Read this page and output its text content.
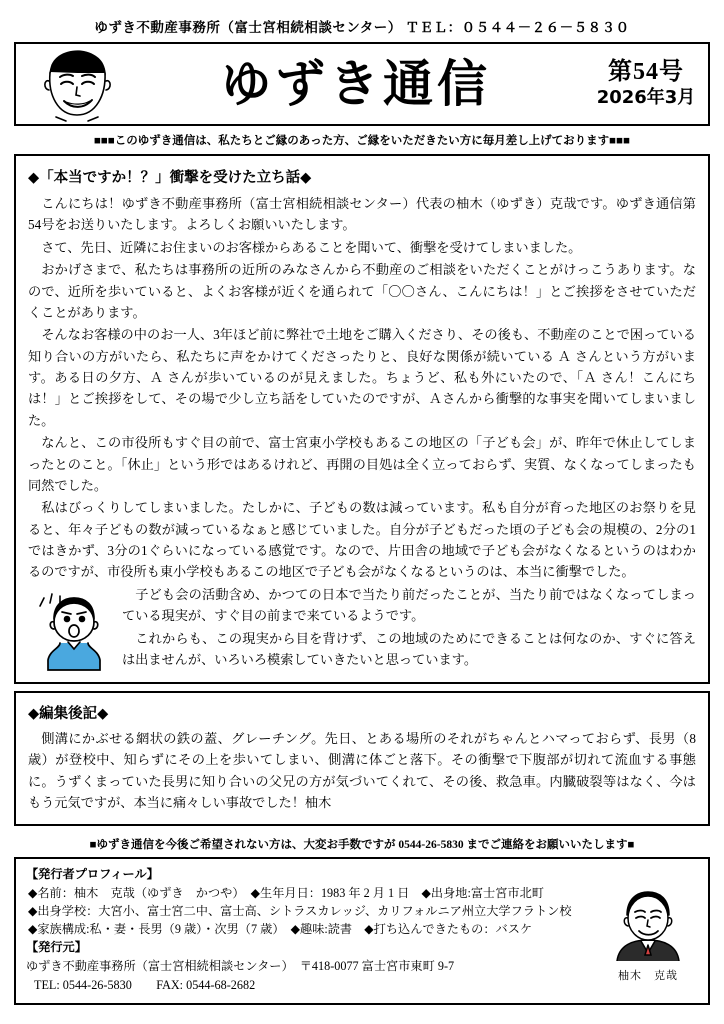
ゆずき不動産事務所（富士宮相続相談センター） ＴＥＬ：０５４４－２６－５８３０
ゆずき通信	第54号
2026年3月
■■■このゆずき通信は、私たちとご縁のあった方、ご縁をいただきたい方に毎月差し上げております■■■
◆「本当ですか！？」衝撃を受けた立ち話◆

こんにちは！ゆずき不動産事務所（富士宮相続相談センター）代表の柚木（ゆずき）克哉です。ゆずき通信第54号をお送りいたします。よろしくお願いいたします。

さて、先日、近隣にお住まいのお客様からあることを聞いて、衝撃を受けてしまいました。

おかげさまで、私たちは事務所の近所のみなさんから不動産のご相談をいただくことがけっこうあります。なので、近所を歩いていると、よくお客様が近くを通られて「〇〇さん、こんにちは！」とご挨拶をさせていただくことがあります。

そんなお客様の中のお一人、3年ほど前に弊社で土地をご購入くださり、その後も、不動産のことで困っている知り合いの方がいたら、私たちに声をかけてくださったりと、良好な関係が続いている Ａ さんという方がいます。ある日の夕方、Ａ さんが歩いているのが見えました。ちょうど、私も外にいたので、「Ａ さん！こんにちは！」とご挨拶をして、その場で少し立ち話をしていたのですが、Ａさんから衝撃的な事実を聞いてしまいました。

なんと、この市役所もすぐ目の前で、富士宮東小学校もあるこの地区の「子ども会」が、昨年で休止してしまったとのこと。「休止」という形ではあるけれど、再開の目処は全く立っておらず、実質、なくなってしまったも同然でした。

私はびっくりしてしまいました。たしかに、子どもの数は減っています。私も自分が育った地区のお祭りを見ると、年々子どもの数が減っているなぁと感じていました。自分が子どもだった頃の子ども会の規模の、2分の1ではきかず、3分の1ぐらいになっている感覚です。なので、片田舎の地域で子ども会がなくなるというのはわかるのですが、市役所も東小学校もあるこの地区で子ども会がなくなるというのは、本当に衝撃でした。

子ども会の活動含め、かつての日本で当たり前だったことが、当たり前ではなくなってしまっている現実が、すぐ目の前まで来ているようです。

これからも、この現実から目を背けず、この地域のためにできることは何なのか、すぐに答えは出ませんが、いろいろ模索していきたいと思っています。

◆編集後記◆

側溝にかぶせる網状の鉄の蓋、グレーチング。先日、とある場所のそれがちゃんとハマっておらず、長男（8歳）が登校中、知らずにその上を歩いてしまい、側溝に体ごと落下。その衝撃で下腹部が切れて流血する事態に。うずくまっていた長男に知り合いの父兄の方が気づいてくれて、その後、救急車。内臓破裂等はなく、今はもう元気ですが、本当に痛々しい事故でした！柚木

■ゆずき通信を今後ご希望されない方は、大変お手数ですが 0544-26-5830 までご連絡をお願いいたします■
【発行者プロフィール】
◆名前：柚木　克哉（ゆずき　かつや）　◆生年月日：1983 年 2 月 1 日　◆出身地:富士宮市北町
◆出身学校：大宮小、富士宮二中、富士高、シトラスカレッジ、カリフォルニア州立大学フラトン校
◆家族構成:私・妻・長男（9 歳）・次男（7 歳）　◆趣味:読書　◆打ち込んできたもの：バスケ
【発行元】
ゆずき不動産事務所（富士宮相続相談センター）　〒418-0077 富士宮市東町 9-7
TEL: 0544-26-5830　　FAX: 0544-68-2682
柚木　克哉
